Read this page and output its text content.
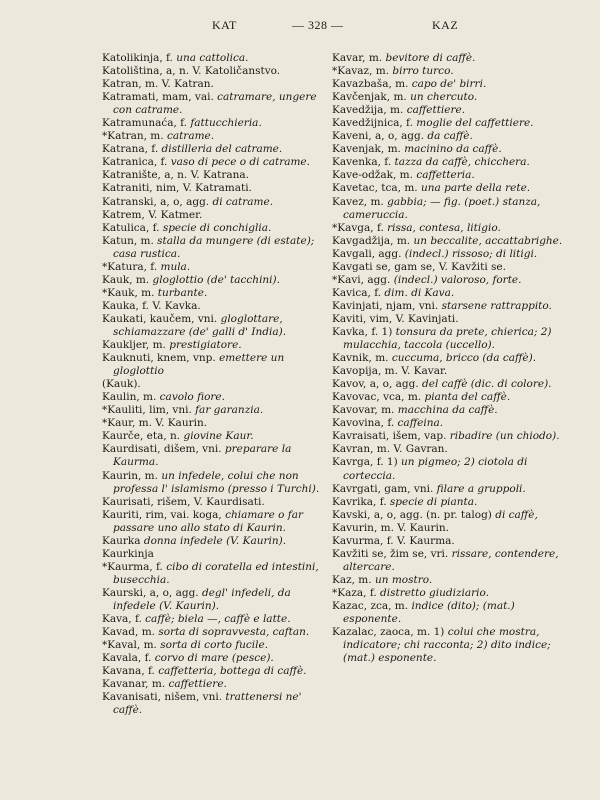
KAT	— 328 —	KAZ

Katolikinja, f. una cattolica.

Katoliština, a, n. V. Katoličanstvo.

Katran, m. V. Katran.

Katramati, mam, vai. catramare, ungere con catrame.

Katramunaća, f. fattucchieria.

*Katran, m. catrame.

Katrana, f. distilleria del catrame.

Katranica, f. vaso di pece o di catrame.

Katranište, a, n. V. Katrana.

Katraniti, nim, V. Katramati.

Katranski, a, o, agg. di catrame.

Katrem, V. Katmer.

Katulica, f. specie di conchiglia.

Katun, m. stalla da mungere (di estate); casa rustica.

*Katura, f. mula.

Kauk, m. gloglottio (de' tacchini).

*Kauk, m. turbante.

Kauka, f. V. Kavka.

Kaukati, kaučem, vni. gloglottare, schiamazzare (de' galli d' India).

Kaukljer, m. prestigiatore.

Kauknuti, knem, vnp. emettere un gloglottio

(Kauk).

Kaulin, m. cavolo fiore.

*Kauliti, lim, vni. far garanzia.

*Kaur, m. V. Kaurin.

Kaurče, eta, n. giovine Kaur.

Kaurdisati, dišem, vni. preparare la Kaurma.

Kaurin, m. un infedele, colui che non professa l' islamismo (presso i Turchi).

Kaurisati, rišem, V. Kaurdisati.

Kauriti, rim, vai. koga, chiamare o far passare uno allo stato di Kaurin.

Kaurka donna infedele (V. Kaurin).

Kaurkinja

*Kaurma, f. cibo di coratella ed intestini, busecchia.

Kaurski, a, o, agg. degl' infedeli, da infedele (V. Kaurin).

Kava, f. caffè; biela —, caffè e latte.

Kavad, m. sorta di sopravvesta, caftan.

*Kaval, m. sorta di corto fucile.

Kavala, f. corvo di mare (pesce).

Kavana, f. caffetteria, bottega di caffè.

Kavanar, m. caffettiere.

Kavanisati, nišem, vni. trattenersi ne' caffè.

Kavar, m. bevitore di caffè.

*Kavaz, m. birro turco.

Kavazbaša, m. capo de' birri.

Kavčenjak, m. un chercuto.

Kavedžija, m. caffettiere.

Kavedžijnica, f. moglie del caffettiere.

Kaveni, a, o, agg. da caffè.

Kavenjak, m. macinino da caffè.

Kavenka, f. tazza da caffè, chicchera.

Kave-odžak, m. caffetteria.

Kavetac, tca, m. una parte della rete.

Kavez, m. gabbia; — fig. (poet.) stanza, cameruccia.

*Kavga, f. rissa, contesa, litigio.

Kavgadžija, m. un beccalite, accattabrighe.

Kavgali, agg. (indecl.) rissoso; di litigi.

Kavgati se, gam se, V. Kavžiti se.

*Kavi, agg. (indecl.) valoroso, forte.

Kavica, f. dim. di Kava.

Kavinjati, njam, vni. starsene rattrappito.

Kaviti, vim, V. Kavinjati.

Kavka, f. 1) tonsura da prete, chierica; 2) mulacchia, taccola (uccello).

Kavnik, m. cuccuma, bricco (da caffè).

Kavopija, m. V. Kavar.

Kavov, a, o, agg. del caffè (dic. di colore).

Kavovac, vca, m. pianta del caffè.

Kavovar, m. macchina da caffè.

Kavovina, f. caffeina.

Kavraisati, išem, vap. ribadire (un chiodo).

Kavran, m. V. Gavran.

Kavrga, f. 1) un pigmeo; 2) ciotola di corteccia.

Kavrgati, gam, vni. filare a gruppoli.

Kavrika, f. specie di pianta.

Kavski, a, o, agg. (n. pr. talog) di caffè,

Kavurin, m. V. Kaurin.

Kavurma, f. V. Kaurma.

Kavžiti se, žim se, vri. rissare, contendere, altercare.

Kaz, m. un mostro.

*Kaza, f. distretto giudiziario.

Kazac, zca, m. indice (dito); (mat.) esponente.

Kazalac, zaoca, m. 1) colui che mostra, indicatore; chi racconta; 2) dito indice; (mat.) esponente.
